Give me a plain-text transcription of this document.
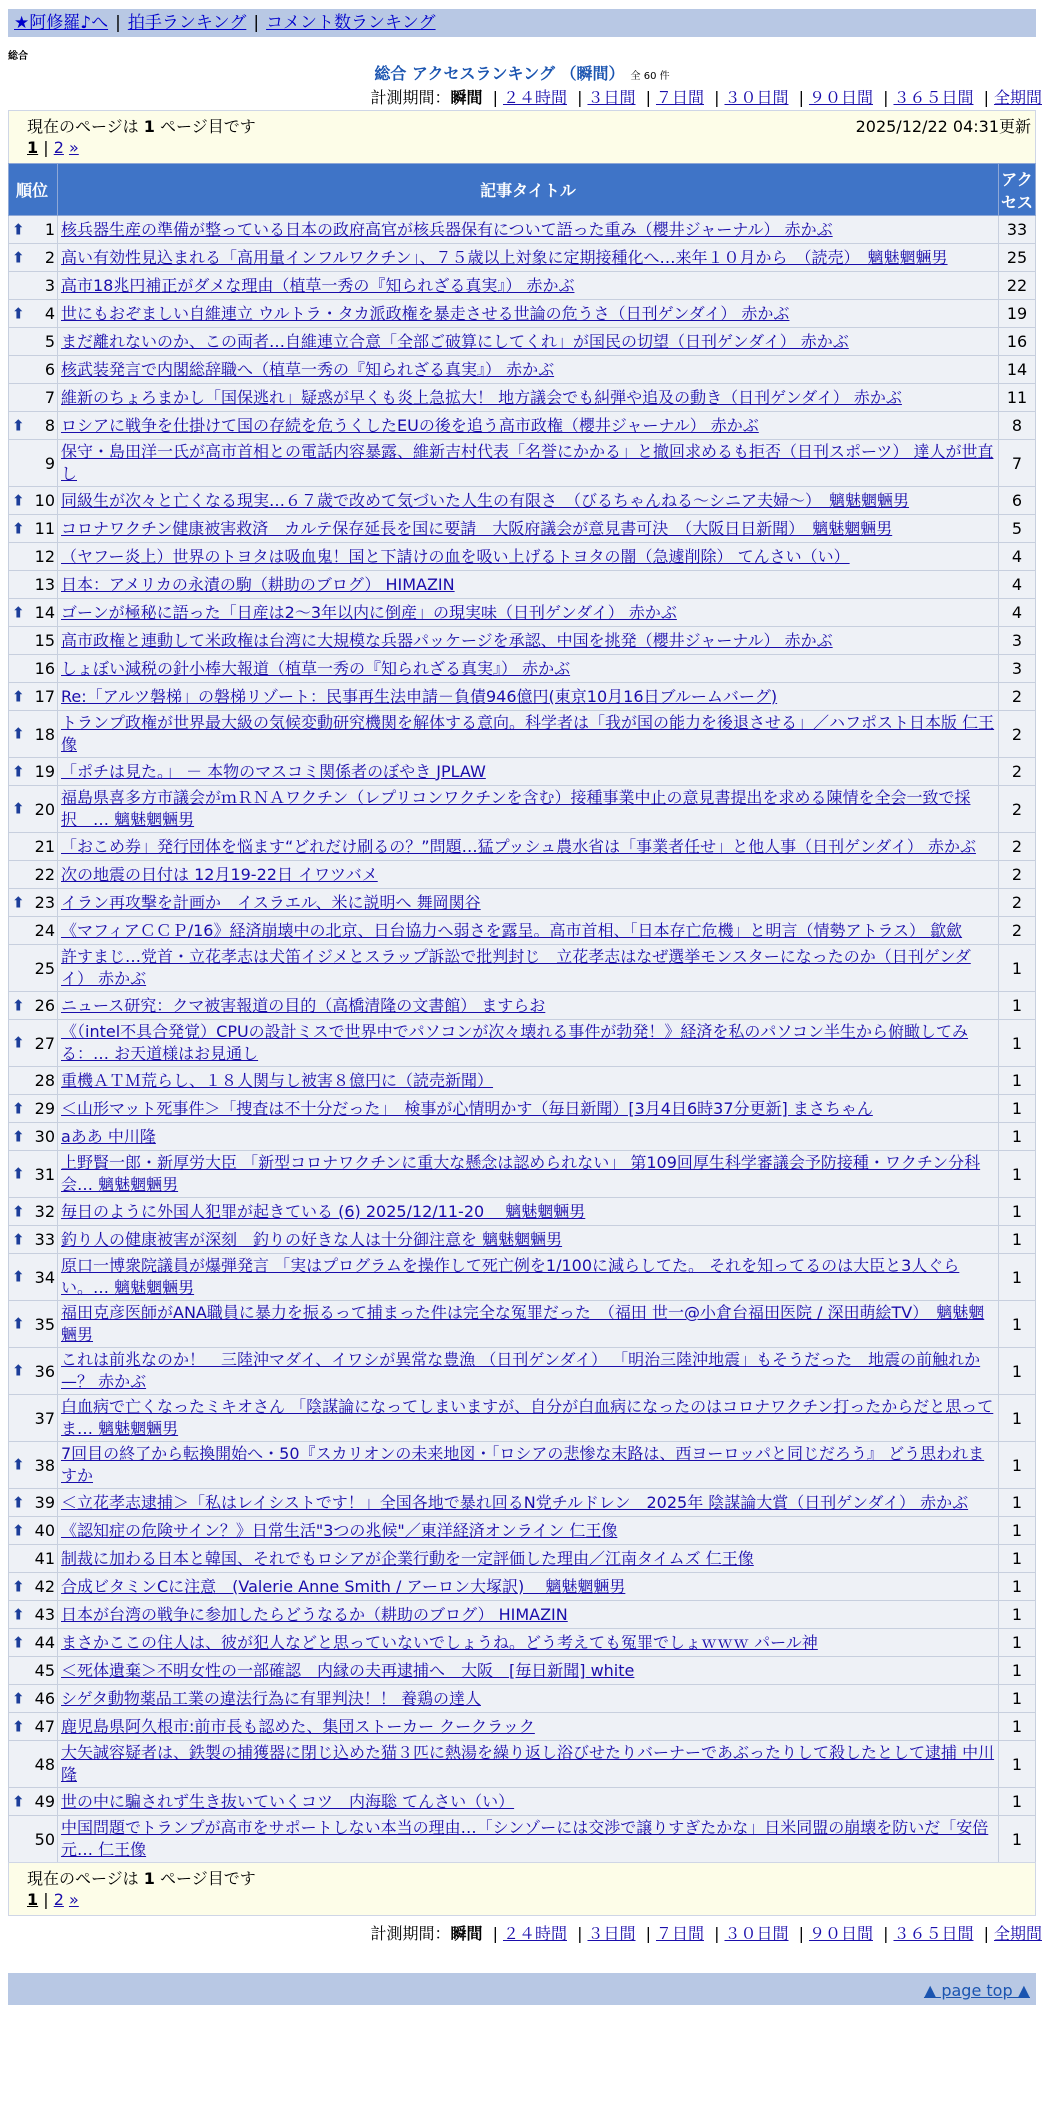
★阿修羅♪へ | 拍手ランキング | コメント数ランキング
総合
総合 アクセスランキング （瞬間） 全 60 件
計測期間：瞬間 | ２４時間 | ３日間 | ７日間 | ３０日間 | ９０日間 | ３６５日間 | 全期間
現在のページは 1 ページ目です	2025/12/22 04:31更新
1 | 2 »
順位	記事タイトル	アクセス

⬆ 1	核兵器生産の準備が整っている日本の政府高官が核兵器保有について語った重み（櫻井ジャーナル） 赤かぶ	33

⬆ 2	高い有効性見込まれる「高用量インフルワクチン」、７５歳以上対象に定期接種化へ…来年１０月から　（読売）　魑魅魍魎男	25
3	高市18兆円補正がダメな理由（植草一秀の『知られざる真実』） 赤かぶ	22

⬆ 4	世にもおぞましい自維連立 ウルトラ・タカ派政権を暴走させる世論の危うさ（日刊ゲンダイ） 赤かぶ	19
5	まだ離れないのか、この両者…自維連立合意「全部ご破算にしてくれ」が国民の切望（日刊ゲンダイ） 赤かぶ	16
6	核武装発言で内閣総辞職へ（植草一秀の『知られざる真実』） 赤かぶ	14
7	維新のちょろまかし「国保逃れ」疑惑が早くも炎上急拡大！ 地方議会でも糾弾や追及の動き（日刊ゲンダイ） 赤かぶ	11

⬆ 8	ロシアに戦争を仕掛けて国の存続を危うくしたEUの後を追う高市政権（櫻井ジャーナル） 赤かぶ	8
9	保守・島田洋一氏が高市首相との電話内容暴露、維新吉村代表「名誉にかかる」と撤回求めるも拒否（日刊スポーツ） 達人が世直し	7

⬆ 10	同級生が次々と亡くなる現実…６７歳で改めて気づいた人生の有限さ　（びるちゃんねる〜シニア夫婦〜）　魑魅魍魎男	6

⬆ 11	コロナワクチン健康被害救済　カルテ保存延長を国に要請　大阪府議会が意見書可決　（大阪日日新聞）　魑魅魍魎男	5
12	（ヤフー炎上）世界のトヨタは吸血鬼！国と下請けの血を吸い上げるトヨタの闇（急遽削除） てんさい（い）	4
13	日本：アメリカの永漬の駒（耕助のブログ） HIMAZIN	4

⬆ 14	ゴーンが極秘に語った「日産は2〜3年以内に倒産」の現実味（日刊ゲンダイ） 赤かぶ	4
15	高市政権と連動して米政権は台湾に大規模な兵器パッケージを承認、中国を挑発（櫻井ジャーナル） 赤かぶ	3
16	しょぼい減税の針小棒大報道（植草一秀の『知られざる真実』） 赤かぶ	3

⬆ 17	Re:「アルツ磐梯」の磐梯リゾート：民事再生法申請－負債946億円(東京10月16日ブルームバーグ)	2

⬆ 18	トランプ政権が世界最大級の気候変動研究機関を解体する意向。科学者は「我が国の能力を後退させる」／ハフポスト日本版 仁王像	2

⬆ 19	「ポチは見た。」 － 本物のマスコミ関係者のぼやき JPLAW	2

⬆ 20	福島県喜多方市議会がｍＲＮＡワクチン（レプリコンワクチンを含む）接種事業中止の意見書提出を求める陳情を全会一致で採択　… 魑魅魍魎男	2
21	「おこめ券」発行団体を悩ます“どれだけ刷るの？”問題…猛プッシュ農水省は「事業者任せ」と他人事（日刊ゲンダイ） 赤かぶ	2
22	次の地震の日付は 12月19-22日 イワツバメ	2

⬆ 23	イラン再攻撃を計画か　イスラエル、米に説明へ 舞岡関谷	2
24	《マフィアＣＣＰ/16》経済崩壊中の北京、日台協力へ弱さを露呈。高市首相、「日本存亡危機」と明言（情勢アトラス） 歙歛	2
25	許すまじ…党首・立花孝志は犬笛イジメとスラップ訴訟で批判封じ　立花孝志はなぜ選挙モンスターになったのか（日刊ゲンダイ） 赤かぶ	1

⬆ 26	ニュース研究：クマ被害報道の目的（高橋清隆の文書館） ますらお	1

⬆ 27	《（intel不具合発覚）CPUの設計ミスで世界中でパソコンが次々壊れる事件が勃発！》経済を私のパソコン半生から俯瞰してみる：… お天道様はお見通し	1
28	重機ＡＴＭ荒らし、１８人関与し被害８億円に（読売新聞）	1

⬆ 29	＜山形マット死事件＞「捜査は不十分だった」　検事が心情明かす（毎日新聞）[3月4日6時37分更新] まさちゃん	1

⬆ 30	aああ 中川隆	1

⬆ 31	上野賢一郎・新厚労大臣 「新型コロナワクチンに重大な懸念は認められない」 第109回厚生科学審議会予防接種・ワクチン分科会… 魑魅魍魎男	1

⬆ 32	毎日のように外国人犯罪が起きている (6) 2025/12/11-20　 魑魅魍魎男	1

⬆ 33	釣り人の健康被害が深刻　釣りの好きな人は十分御注意を 魑魅魍魎男	1

⬆ 34	原口一博衆院議員が爆弾発言 「実はプログラムを操作して死亡例を1/100に減らしてた。 それを知ってるのは大臣と3人ぐらい。… 魑魅魍魎男	1

⬆ 35	福田克彦医師がANA職員に暴力を振るって捕まった件は完全な冤罪だった　（福田 世一@小倉台福田医院 / 深田萌絵TV）　魑魅魍魎男	1

⬆ 36	これは前兆なのか！　三陸沖マダイ、イワシが異常な豊漁 （日刊ゲンダイ） 「明治三陸沖地震」もそうだった　地震の前触れか—？ 赤かぶ	1
37	白血病で亡くなったミキオさん 「陰謀論になってしまいますが、自分が白血病になったのはコロナワクチン打ったからだと思ってま… 魑魅魍魎男	1

⬆ 38	7回目の終了から転換開始へ・50『スカリオンの未来地図・「ロシアの悲惨な末路は、西ヨーロッパと同じだろう』 どう思われますか	1

⬆ 39	＜立花孝志逮捕＞「私はレイシストです！」全国各地で暴れ回るN党チルドレン　2025年 陰謀論大賞（日刊ゲンダイ） 赤かぶ	1

⬆ 40	《認知症の危険サイン？》日常生活"3つの兆候"／東洋経済オンライン 仁王像	1
41	制裁に加わる日本と韓国、それでもロシアが企業行動を一定評価した理由／江南タイムズ 仁王像	1

⬆ 42	合成ビタミンCに注意　(Valerie Anne Smith / アーロン大塚訳)　 魑魅魍魎男	1

⬆ 43	日本が台湾の戦争に参加したらどうなるか（耕助のブログ） HIMAZIN	1

⬆ 44	まさかここの住人は、彼が犯人などと思っていないでしょうね。どう考えても冤罪でしょｗｗｗ パール神	1
45	＜死体遺棄＞不明女性の一部確認　内縁の夫再逮捕へ　大阪　[毎日新聞] white	1

⬆ 46	シゲタ動物薬品工業の違法行為に有罪判決！！ 養鶏の達人	1

⬆ 47	鹿児島県阿久根市:前市長も認めた、集団ストーカー クークラック	1
48	大矢誠容疑者は、鉄製の捕獲器に閉じ込めた猫３匹に熱湯を繰り返し浴びせたりバーナーであぶったりして殺したとして逮捕 中川隆	1

⬆ 49	世の中に騙されず生き抜いていくコツ　内海聡 てんさい（い）	1
50	中国問題でトランプが高市をサポートしない本当の理由…「シンゾーには交渉で譲りすぎたかな」日米同盟の崩壊を防いだ「安倍元… 仁王像	1
現在のページは 1 ページ目です
1 | 2 »
計測期間：瞬間 | ２４時間 | ３日間 | ７日間 | ３０日間 | ９０日間 | ３６５日間 | 全期間
▲ page top ▲
